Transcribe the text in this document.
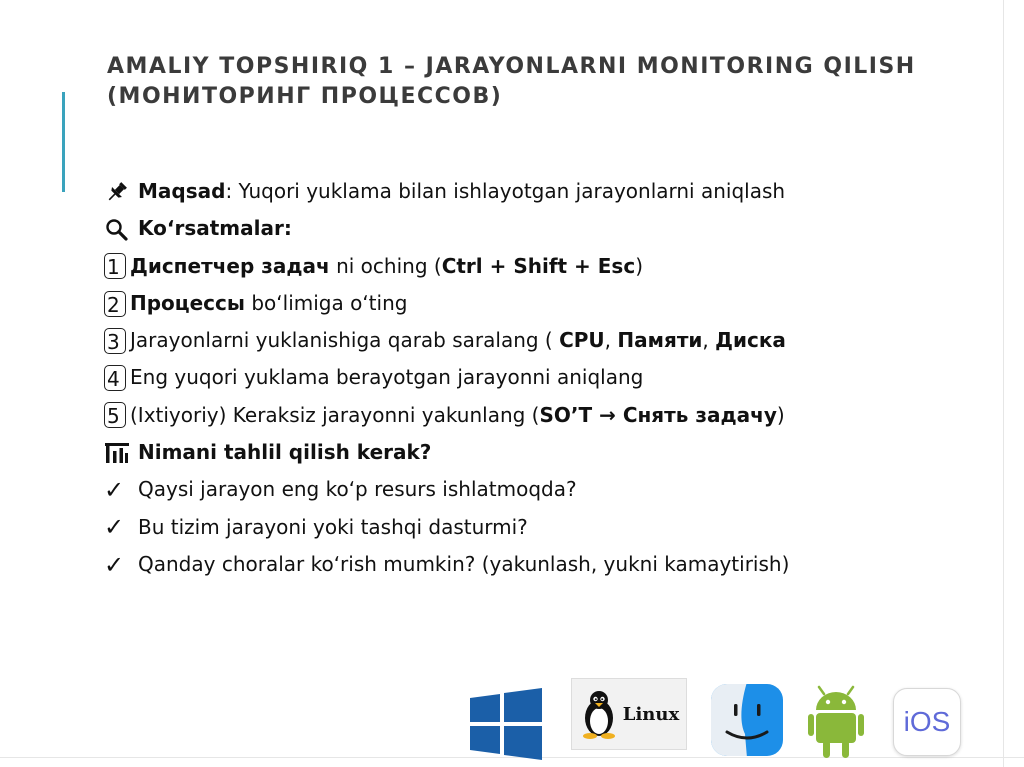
AMALIY TOPSHIRIQ 1 – JARAYONLARNI MONITORING QILISH
(МОНИТОРИНГ ПРОЦЕССОВ)
Maqsad : Yuqori yuklama bilan ishlayotgan jarayonlarni aniqlash
Koʻrsatmalar:
1 Диспетчер задач ni oching ( Ctrl + Shift + Esc )
2 Процессы boʻlimiga oʻting
3 Jarayonlarni yuklanishiga qarab saralang ( CPU , Памяти , Диска
4 Eng yuqori yuklama berayotgan jarayonni aniqlang
5 (Ixtiyoriy) Keraksiz jarayonni yakunlang ( SO’T → Снять задачу )
Nimani tahlil qilish kerak?
✓ Qaysi jarayon eng koʻp resurs ishlatmoqda?
✓ Bu tizim jarayoni yoki tashqi dasturmi?
✓ Qanday choralar koʻrish mumkin? (yakunlash, yukni kamaytirish)
Linux	iOS
